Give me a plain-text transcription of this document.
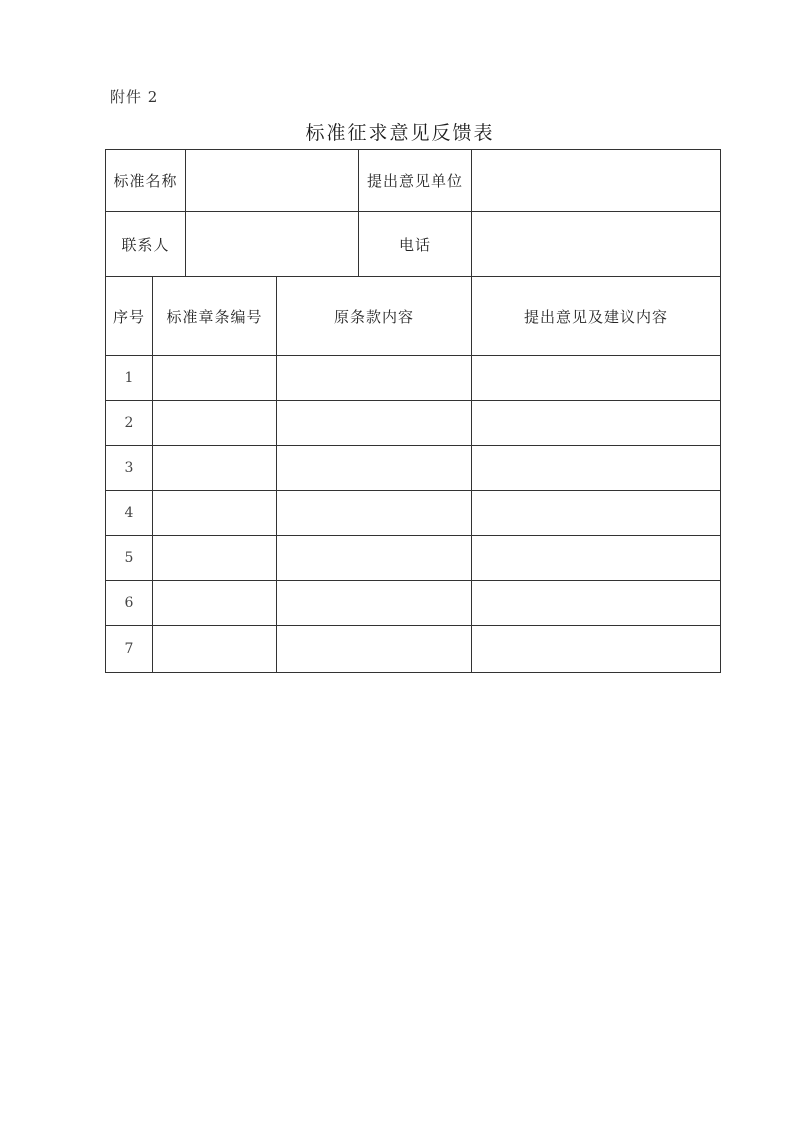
附件 2
标准征求意见反馈表
标准名称	提出意见单位
联系人	电话
序号	标准章条编号	原条款内容	提出意见及建议内容
1
2
3
4
5
6
7
